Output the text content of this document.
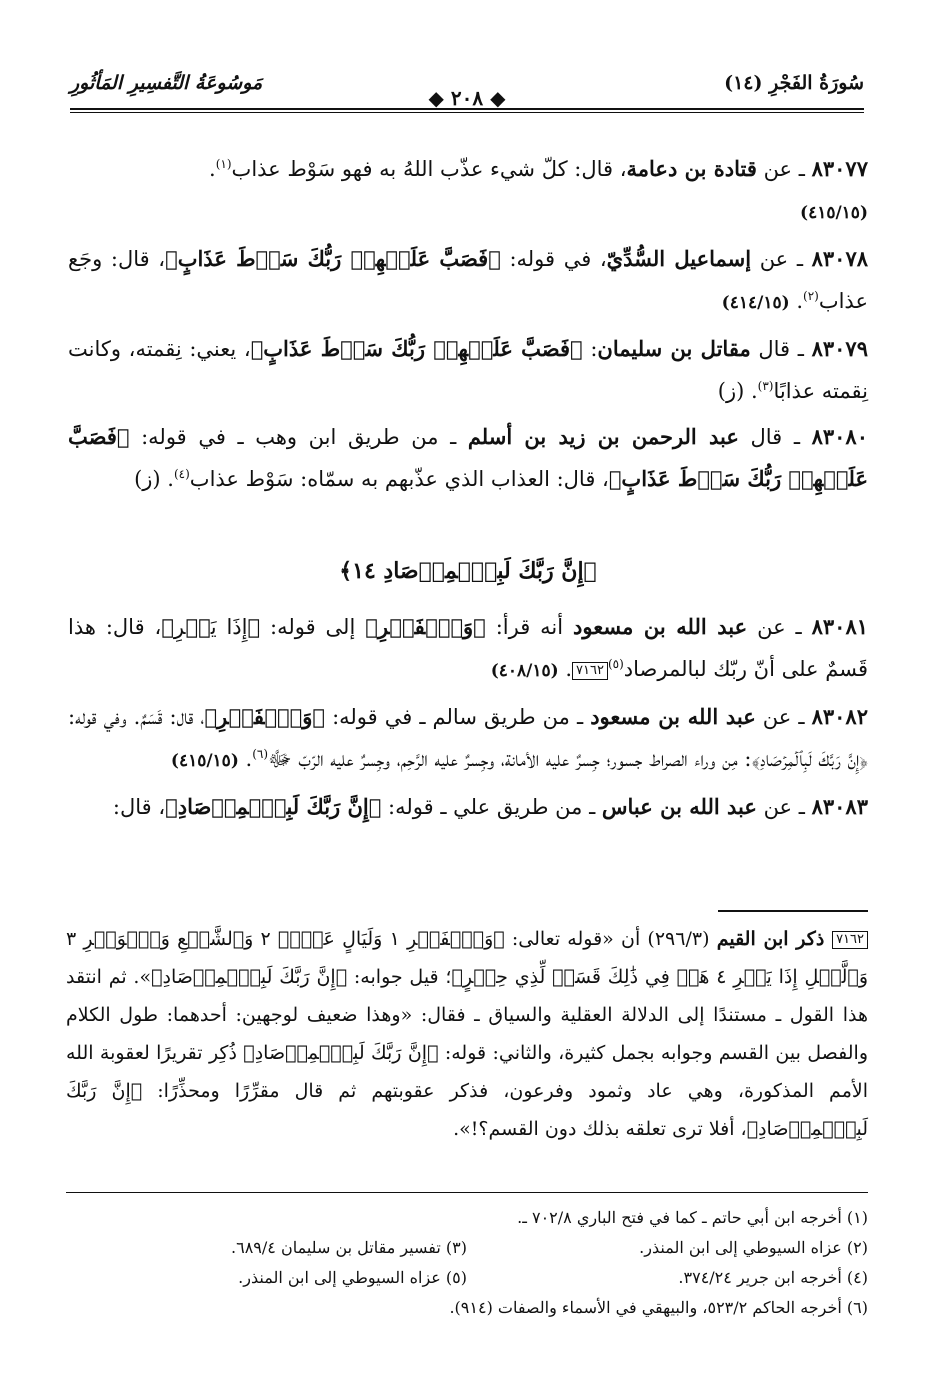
سُورَةُ الفَجْرِ (١٤)
◆ ٢٠٨ ◆
مَوسُوعَةُ التَّفسِيرِ المَأثُورِ

٨٣٠٧٧ ـ عن قتادة بن دعامة، قال: كلّ شيء عذّب اللهُ به فهو سَوْط عذاب$^{(١)}$.
(٤١٥/١٥)

٨٣٠٧٨ ـ عن إسماعيل السُّدِّيّ، في قوله: ﴿فَصَبَّ عَلَيۡهِمۡ رَبُّكَ سَوۡطَ عَذَابٍ﴾، قال: وجَع عذاب$^{(٢)}$. (٤١٤/١٥)

٨٣٠٧٩ ـ قال مقاتل بن سليمان: ﴿فَصَبَّ عَلَيۡهِمۡ رَبُّكَ سَوۡطَ عَذَابٍ﴾، يعني: نِقمته، وكانت نِقمته عذابًا$^{(٣)}$. (ز)

٨٣٠٨٠ ـ قال عبد الرحمن بن زيد بن أسلم ـ من طريق ابن وهب ـ في قوله: ﴿فَصَبَّ عَلَيۡهِمۡ رَبُّكَ سَوۡطَ عَذَابٍ﴾، قال: العذاب الذي عذّبهم به سمّاه: سَوْط عذاب$^{(٤)}$. (ز)

﴿إِنَّ رَبَّكَ لَبِٱلۡمِرۡصَادِ ١٤﴾

٨٣٠٨١ ـ عن عبد الله بن مسعود أنه قرأ: ﴿وَٱلۡفَجۡرِ﴾ إلى قوله: ﴿إِذَا يَسۡرِ﴾، قال: هذا قَسمٌ على أنّ ربّك لبالمرصاد$^{(٥)}$٧١٦٢. (٤٠٨/١٥)

٨٣٠٨٢ ـ عن عبد الله بن مسعود ـ من طريق سالم ـ في قوله: ﴿وَٱلۡفَجۡرِ﴾، قال: قَسَمٌ. وفي قوله: ﴿إِنَّ رَبَّكَ لَبِٱلۡمِرۡصَادِ﴾: مِن وراء الصراط جسور؛ جِسرٌ عليه الأمانة، وجِسرٌ عليه الرَّحِم، وجِسرٌ عليه الرّبّ ﷻ$^{(٦)}$. (٤١٥/١٥)

٨٣٠٨٣ ـ عن عبد الله بن عباس ـ من طريق علي ـ قوله: ﴿إِنَّ رَبَّكَ لَبِٱلۡمِرۡصَادِ﴾، قال:

٧١٦٢ ذكر ابن القيم (٢٩٦/٣) أن «قوله تعالى: ﴿وَٱلۡفَجۡرِ ١ وَلَيَالٍ عَشۡرٖ ٢ وَٱلشَّفۡعِ وَٱلۡوَتۡرِ ٣ وَٱلَّيۡلِ إِذَا يَسۡرِ ٤ هَلۡ فِي ذَٰلِكَ قَسَمٞ لِّذِي حِجۡرٍ﴾؛ قيل جوابه: ﴿إِنَّ رَبَّكَ لَبِٱلۡمِرۡصَادِ﴾». ثم انتقد هذا القول ـ مستندًا إلى الدلالة العقلية والسياق ـ فقال: «وهذا ضعيف لوجهين: أحدهما: طول الكلام والفصل بين القسم وجوابه بجمل كثيرة، والثاني: قوله: ﴿إِنَّ رَبَّكَ لَبِٱلۡمِرۡصَادِ﴾ ذُكِر تقريرًا لعقوبة الله الأمم المذكورة، وهي عاد وثمود وفرعون، فذكر عقوبتهم ثم قال مقرِّرًا ومحذِّرًا: ﴿إِنَّ رَبَّكَ لَبِٱلۡمِرۡصَادِ﴾، أفلا ترى تعلقه بذلك دون القسم؟!».
(١) أخرجه ابن أبي حاتم ـ كما في فتح الباري ٧٠٢/٨ ـ.
(٢) عزاه السيوطي إلى ابن المنذر.
(٣) تفسير مقاتل بن سليمان ٦٨٩/٤.
(٤) أخرجه ابن جرير ٣٧٤/٢٤.
(٥) عزاه السيوطي إلى ابن المنذر.
(٦) أخرجه الحاكم ٥٢٣/٢، والبيهقي في الأسماء والصفات (٩١٤).
